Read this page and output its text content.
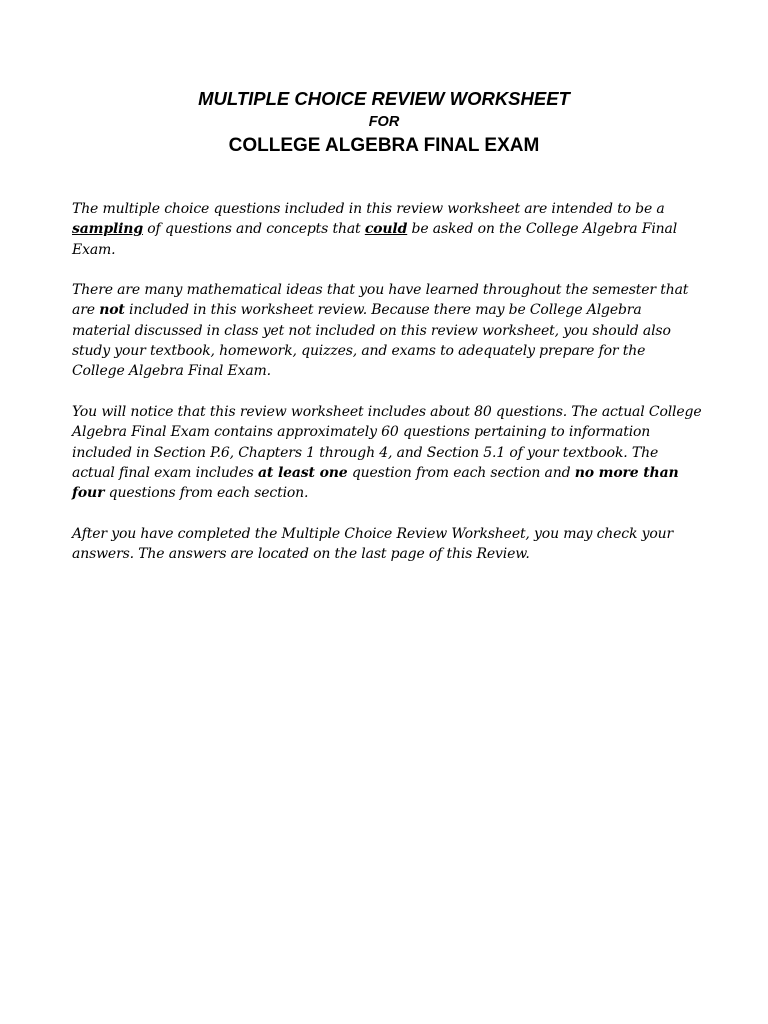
MULTIPLE CHOICE REVIEW WORKSHEET

FOR

COLLEGE ALGEBRA FINAL EXAM

The multiple choice questions included in this review worksheet are intended to be a sampling of questions and concepts that could be asked on the College Algebra Final Exam.

There are many mathematical ideas that you have learned throughout the semester that are not included in this worksheet review. Because there may be College Algebra material discussed in class yet not included on this review worksheet, you should also study your textbook, homework, quizzes, and exams to adequately prepare for the College Algebra Final Exam.

You will notice that this review worksheet includes about 80 questions. The actual College Algebra Final Exam contains approximately 60 questions pertaining to information included in Section P.6, Chapters 1 through 4, and Section 5.1 of your textbook. The actual final exam includes at least one question from each section and no more than four questions from each section.

After you have completed the Multiple Choice Review Worksheet, you may check your answers. The answers are located on the last page of this Review.
